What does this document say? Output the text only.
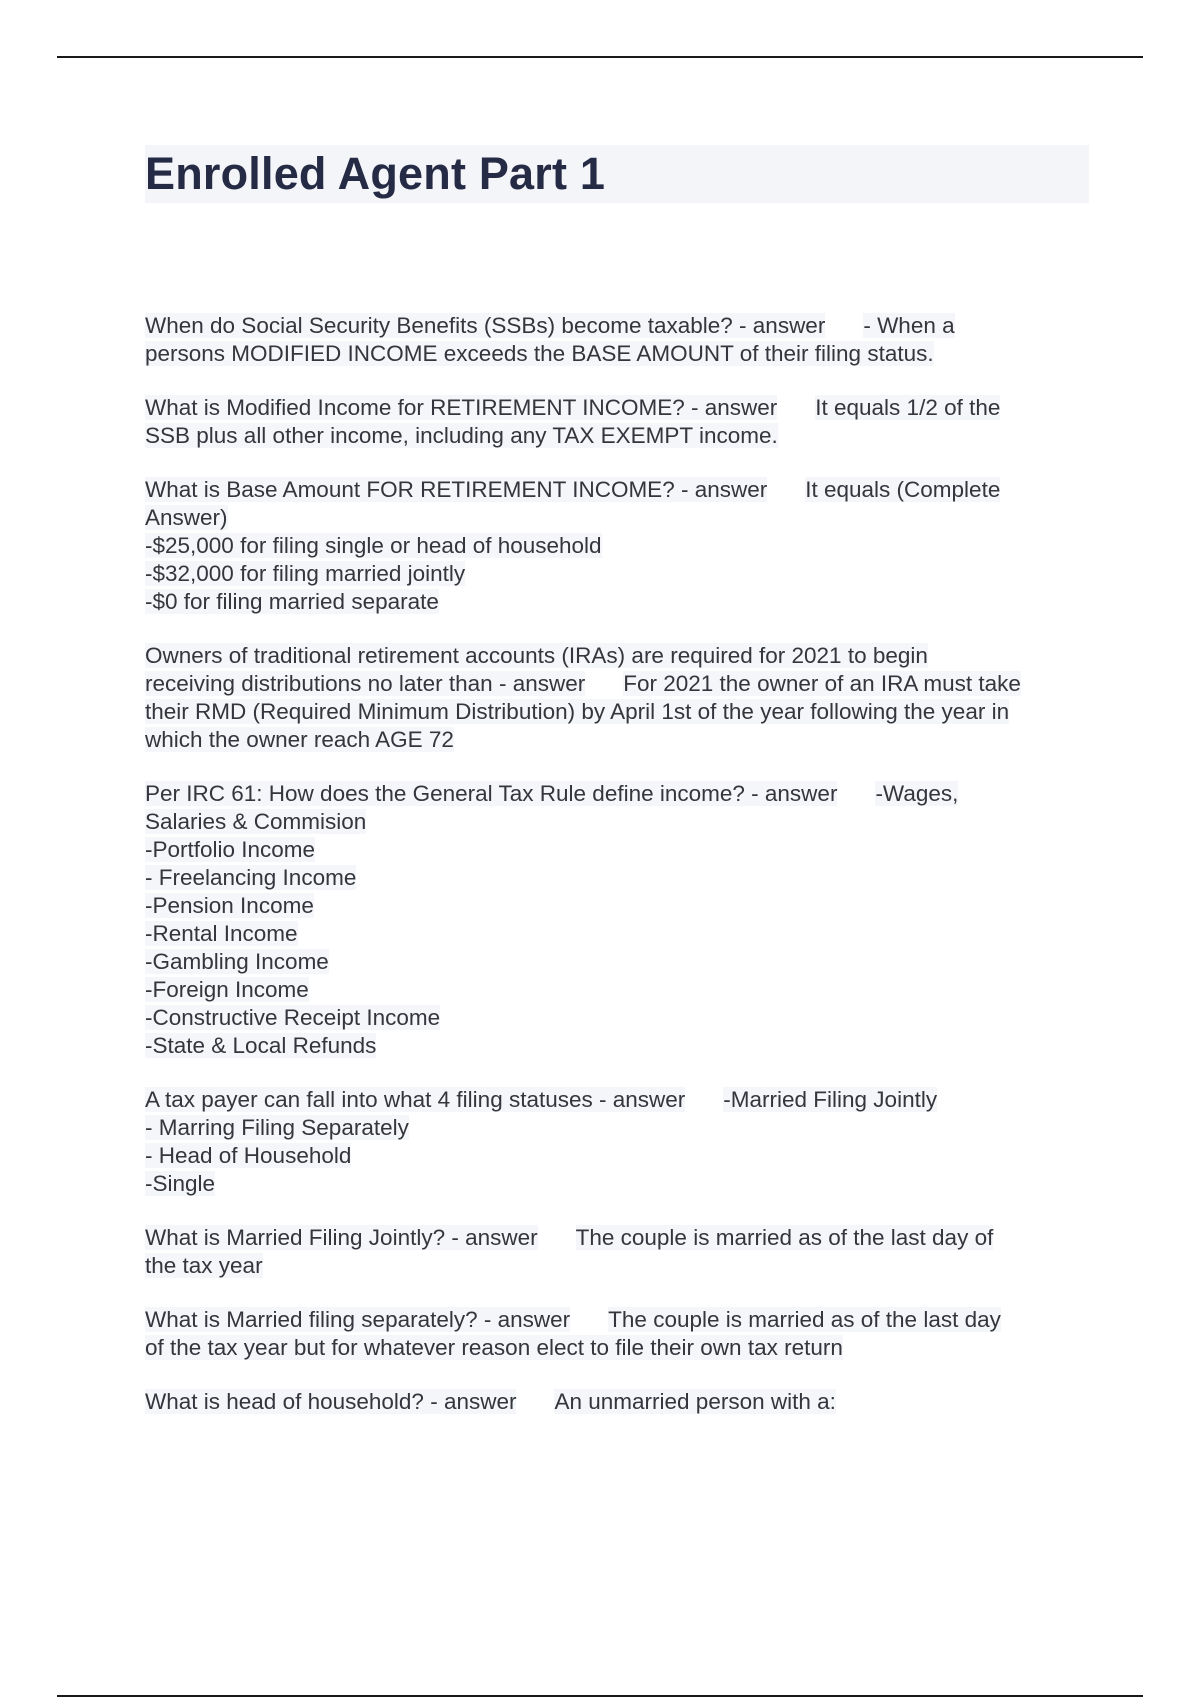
Enrolled Agent Part 1
When do Social Security Benefits (SSBs) become taxable? - answer - When a
persons MODIFIED INCOME exceeds the BASE AMOUNT of their filing status.
What is Modified Income for RETIREMENT INCOME? - answer It equals 1/2 of the
SSB plus all other income, including any TAX EXEMPT income.
What is Base Amount FOR RETIREMENT INCOME? - answer It equals (Complete
Answer)
-$25,000 for filing single or head of household
-$32,000 for filing married jointly
-$0 for filing married separate
Owners of traditional retirement accounts (IRAs) are required for 2021 to begin
receiving distributions no later than - answer For 2021 the owner of an IRA must take
their RMD (Required Minimum Distribution) by April 1st of the year following the year in
which the owner reach AGE 72
Per IRC 61: How does the General Tax Rule define income? - answer -Wages,
Salaries & Commision
-Portfolio Income
- Freelancing Income
-Pension Income
-Rental Income
-Gambling Income
-Foreign Income
-Constructive Receipt Income
-State & Local Refunds
A tax payer can fall into what 4 filing statuses - answer -Married Filing Jointly
- Marring Filing Separately
- Head of Household
-Single
What is Married Filing Jointly? - answer The couple is married as of the last day of
the tax year
What is Married filing separately? - answer The couple is married as of the last day
of the tax year but for whatever reason elect to file their own tax return
What is head of household? - answer An unmarried person with a:
